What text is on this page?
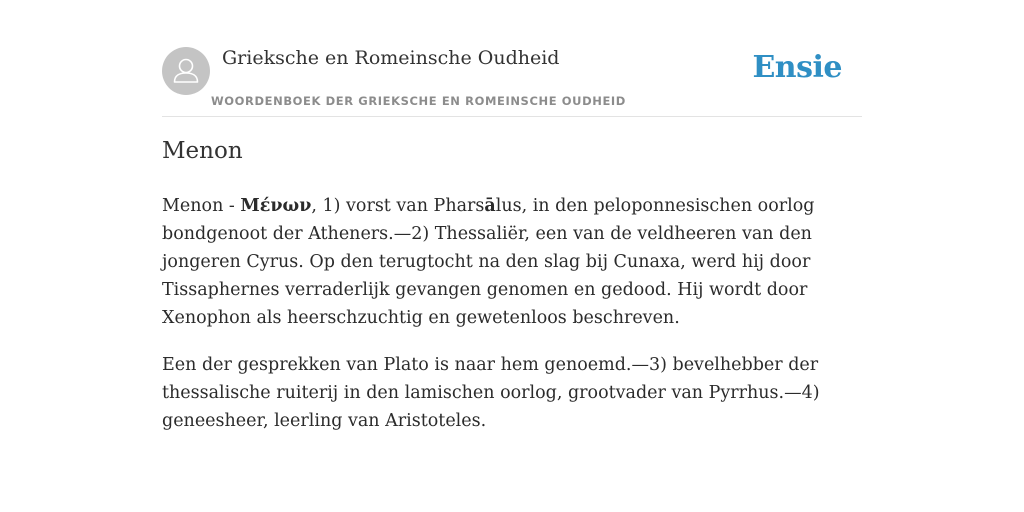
Grieksche en Romeinsche Oudheid
WOORDENBOEK DER GRIEKSCHE EN ROMEINSCHE OUDHEID
Ensie
Menon

Menon - Μένων, 1) vorst van Pharsālus, in den peloponnesischen oorlog bondgenoot der Atheners.—2) Thessaliër, een van de veldheeren van den jongeren Cyrus. Op den terugtocht na den slag bij Cunaxa, werd hij door Tissaphernes verraderlijk gevangen genomen en gedood. Hij wordt door Xenophon als heerschzuchtig en gewetenloos beschreven.

Een der gesprekken van Plato is naar hem genoemd.—3) bevelhebber der thessalische ruiterij in den lamischen oorlog, grootvader van Pyrrhus.—4) geneesheer, leerling van Aristoteles.
